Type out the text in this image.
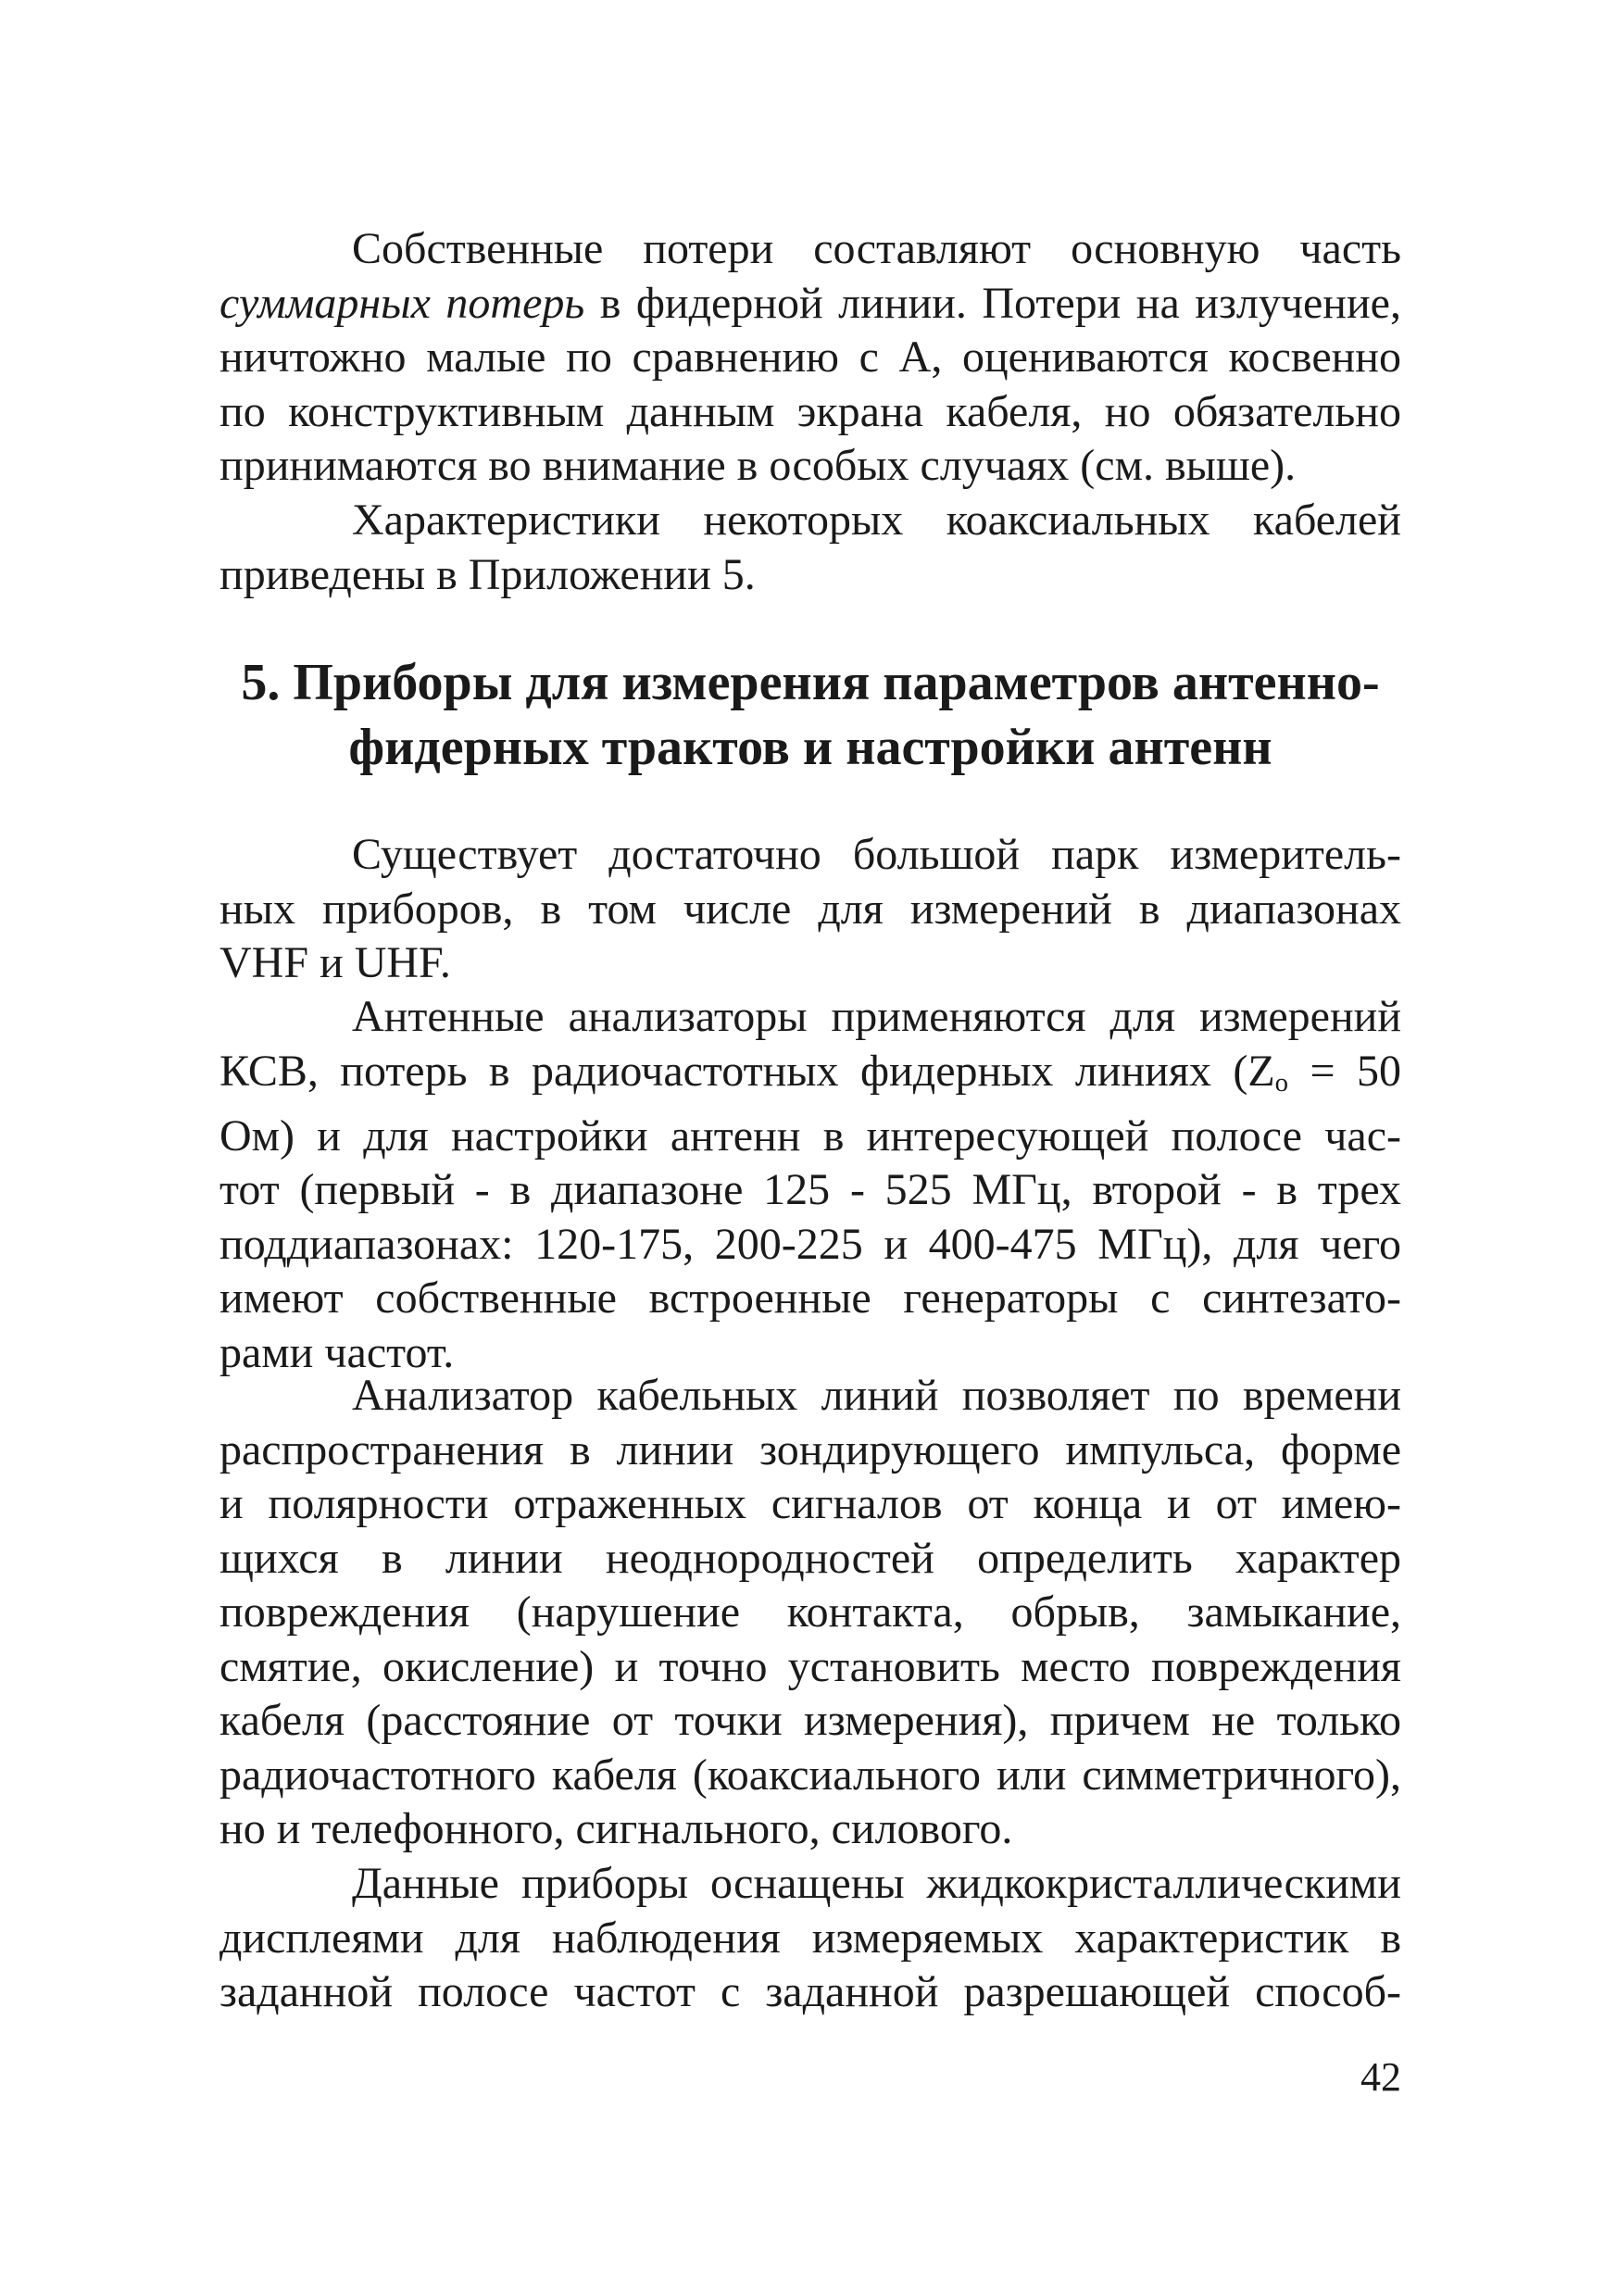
Собственные потери составляют основную часть
суммарных потерь в фидерной линии. Потери на излучение,
ничтожно малые по сравнению с А, оцениваются косвенно
по конструктивным данным экрана кабеля, но обязательно
принимаются во внимание в особых случаях (см. выше).
Характеристики некоторых коаксиальных кабелей
приведены в Приложении 5.
5. Приборы для измерения параметров антенно-
фидерных трактов и настройки антенн
Существует достаточно большой парк измеритель-
ных приборов, в том числе для измерений в диапазонах
VHF и UHF.
Антенные анализаторы применяются для измерений
КСВ, потерь в радиочастотных фидерных линиях ($Z_o = 50$
Ом) и для настройки антенн в интересующей полосе час-
тот (первый - в диапазоне 125 - 525 МГц, второй - в трех
поддиапазонах: 120-175, 200-225 и 400-475 МГц), для чего
имеют собственные встроенные генераторы с синтезато-
рами частот.
Анализатор кабельных линий позволяет по времени
распространения в линии зондирующего импульса, форме
и полярности отраженных сигналов от конца и от имею-
щихся в линии неоднородностей определить характер
повреждения (нарушение контакта, обрыв, замыкание,
смятие, окисление) и точно установить место повреждения
кабеля (расстояние от точки измерения), причем не только
радиочастотного кабеля (коаксиального или симметричного),
но и телефонного, сигнального, силового.
Данные приборы оснащены жидкокристаллическими
дисплеями для наблюдения измеряемых характеристик в
заданной полосе частот с заданной разрешающей способ-
42
